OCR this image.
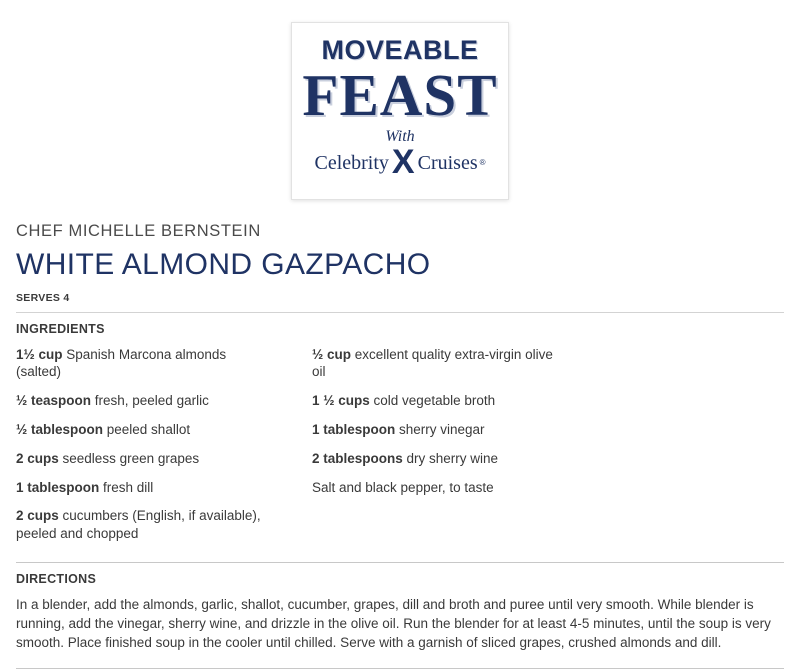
MOVEABLE
FEAST
With
Celebrity X Cruises ®
CHEF MICHELLE BERNSTEIN
WHITE ALMOND GAZPACHO
SERVES 4
INGREDIENTS
1½ cup Spanish Marcona almonds (salted)
½ teaspoon fresh, peeled garlic
½ tablespoon peeled shallot
2 cups seedless green grapes
1 tablespoon fresh dill
2 cups cucumbers (English, if available), peeled and chopped
½ cup excellent quality extra-virgin olive oil
1 ½ cups cold vegetable broth
1 tablespoon sherry vinegar
2 tablespoons dry sherry wine
Salt and black pepper, to taste
DIRECTIONS
In a blender, add the almonds, garlic, shallot, cucumber, grapes, dill and broth and puree until very smooth. While blender is running, add the vinegar, sherry wine, and drizzle in the olive oil. Run the blender for at least 4-5 minutes, until the soup is very smooth. Place finished soup in the cooler until chilled. Serve with a garnish of sliced grapes, crushed almonds and dill.
